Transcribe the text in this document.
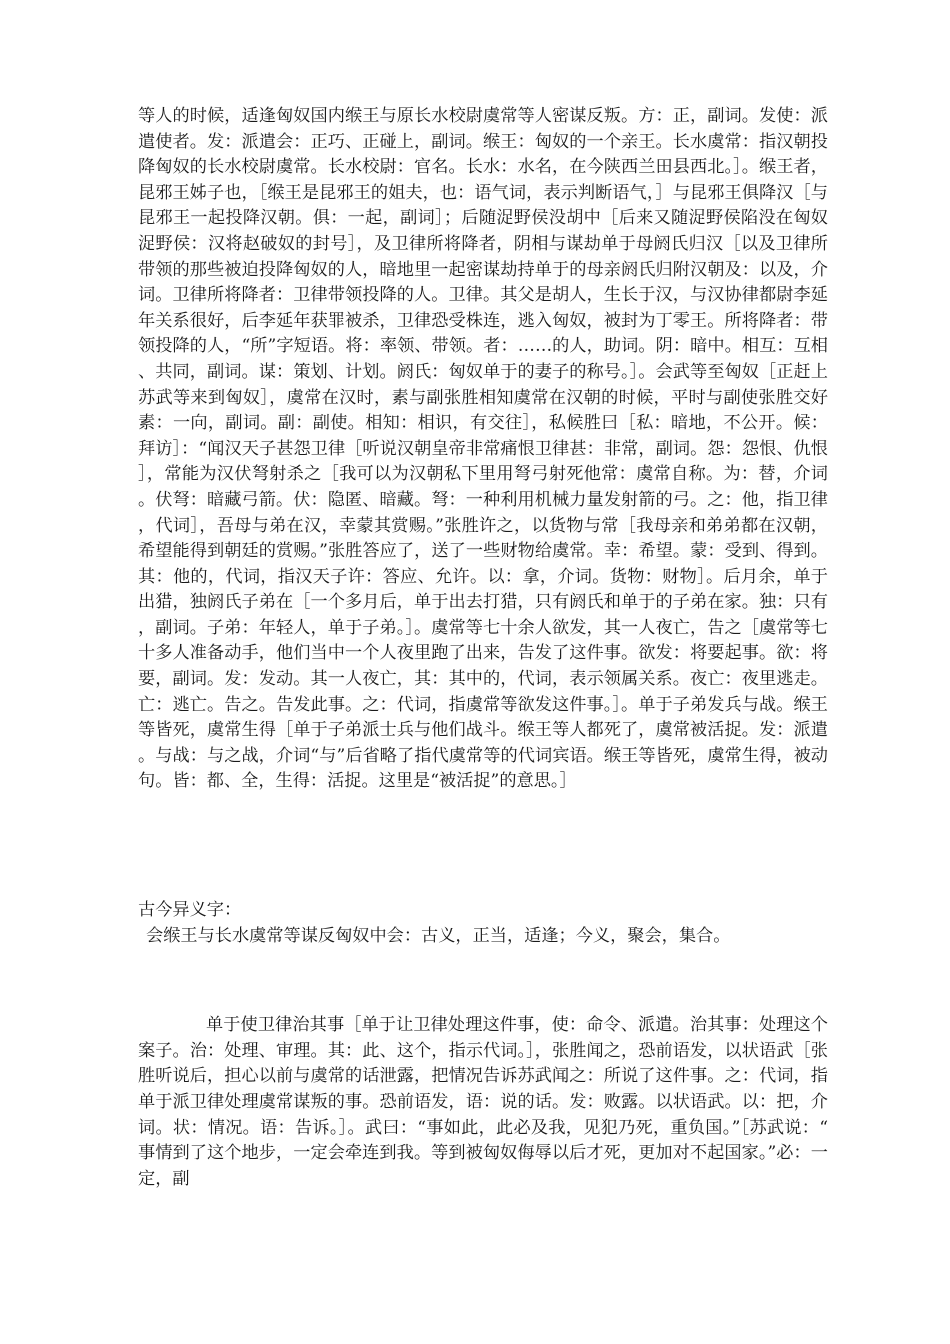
等人的时候，适逢匈奴国内缑王与原长水校尉虞常等人密谋反叛。方：正，副词。发使：派遣使者。发：派遣会：正巧、正碰上，副词。缑王：匈奴的一个亲王。长水虞常：指汉朝投降匈奴的长水校尉虞常。长水校尉：官名。长水：水名，在今陕西兰田县西北。］。缑王者，昆邪王姊子也，［缑王是昆邪王的姐夫，也：语气词，表示判断语气，］与昆邪王俱降汉［与昆邪王一起投降汉朝。俱：一起，副词］；后随浞野侯没胡中［后来又随浞野侯陷没在匈奴浞野侯：汉将赵破奴的封号］，及卫律所将降者，阴相与谋劫单于母阏氏归汉［以及卫律所带领的那些被迫投降匈奴的人，暗地里一起密谋劫持单于的母亲阏氏归附汉朝及：以及，介词。卫律所将降者：卫律带领投降的人。卫律。其父是胡人，生长于汉，与汉协律都尉李延年关系很好，后李延年获罪被杀，卫律恐受株连，逃入匈奴，被封为丁零王。所将降者：带领投降的人，“所”字短语。将：率领、带领。者：……的人，助词。阴：暗中。相互：互相、共同，副词。谋：策划、计划。阏氏：匈奴单于的妻子的称号。］。会武等至匈奴［正赶上苏武等来到匈奴］，虞常在汉时，素与副张胜相知虞常在汉朝的时候，平时与副使张胜交好素：一向，副词。副：副使。相知：相识，有交往］，私候胜曰［私：暗地，不公开。候：拜访］：“闻汉天子甚怨卫律［听说汉朝皇帝非常痛恨卫律甚：非常，副词。怨：怨恨、仇恨］，常能为汉伏弩射杀之［我可以为汉朝私下里用弩弓射死他常：虞常自称。为：替，介词。伏弩：暗藏弓箭。伏：隐匿、暗藏。弩：一种利用机械力量发射箭的弓。之：他，指卫律，代词］，吾母与弟在汉，幸蒙其赏赐。”张胜许之，以货物与常［我母亲和弟弟都在汉朝，希望能得到朝廷的赏赐。”张胜答应了，送了一些财物给虞常。幸：希望。蒙：受到、得到。其：他的，代词，指汉天子许：答应、允许。以：拿，介词。货物：财物］。后月余，单于出猎，独阏氏子弟在［一个多月后，单于出去打猎，只有阏氏和单于的子弟在家。独：只有，副词。子弟：年轻人，单于子弟。］。虞常等七十余人欲发，其一人夜亡，告之［虞常等七十多人准备动手，他们当中一个人夜里跑了出来，告发了这件事。欲发：将要起事。欲：将要，副词。发：发动。其一人夜亡，其：其中的，代词，表示领属关系。夜亡：夜里逃走。亡：逃亡。告之。告发此事。之：代词，指虞常等欲发这件事。］。单于子弟发兵与战。缑王等皆死，虞常生得［单于子弟派士兵与他们战斗。缑王等人都死了，虞常被活捉。发：派遣。与战：与之战，介词“与”后省略了指代虞常等的代词宾语。缑王等皆死，虞常生得，被动句。皆：都、全，生得：活捉。这里是“被活捉”的意思。］

古今异义字：

会缑王与长水虞常等谋反匈奴中会：古义，正当，适逢；今义，聚会，集合。

单于使卫律治其事［单于让卫律处理这件事，使：命令、派遣。治其事：处理这个案子。治：处理、审理。其：此、这个，指示代词。］，张胜闻之，恐前语发，以状语武［张胜听说后，担心以前与虞常的话泄露，把情况告诉苏武闻之：所说了这件事。之：代词，指单于派卫律处理虞常谋叛的事。恐前语发，语：说的话。发：败露。以状语武。以：把，介词。状：情况。语：告诉。］。武曰：“事如此，此必及我，见犯乃死，重负国。”［苏武说：“事情到了这个地步，一定会牵连到我。等到被匈奴侮辱以后才死，更加对不起国家。”必：一定，副
